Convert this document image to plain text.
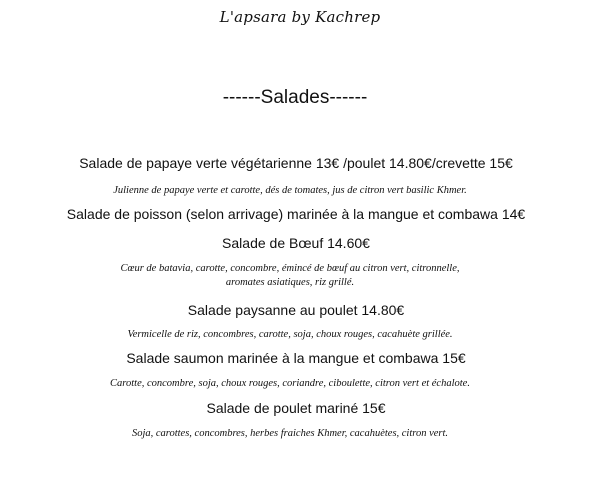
L'apsara by Kachrep
------Salades------
Salade de papaye verte végétarienne 13€ /poulet 14.80€/crevette 15€
Julienne de papaye verte et carotte, dés de tomates, jus de citron vert basilic Khmer.
Salade de poisson (selon arrivage) marinée à la mangue et combawa 14€
Salade de Bœuf 14.60€
Cœur de batavia, carotte, concombre, émincé de bœuf au citron vert, citronnelle, aromates asiatiques, riz grillé.
Salade paysanne au poulet 14.80€
Vermicelle de riz, concombres, carotte, soja, choux rouges, cacahuète grillée.
Salade saumon marinée à la mangue et combawa 15€
Carotte, concombre, soja, choux rouges, coriandre, ciboulette, citron vert et échalote.
Salade de poulet mariné 15€
Soja, carottes, concombres, herbes fraiches Khmer, cacahuètes, citron vert.
